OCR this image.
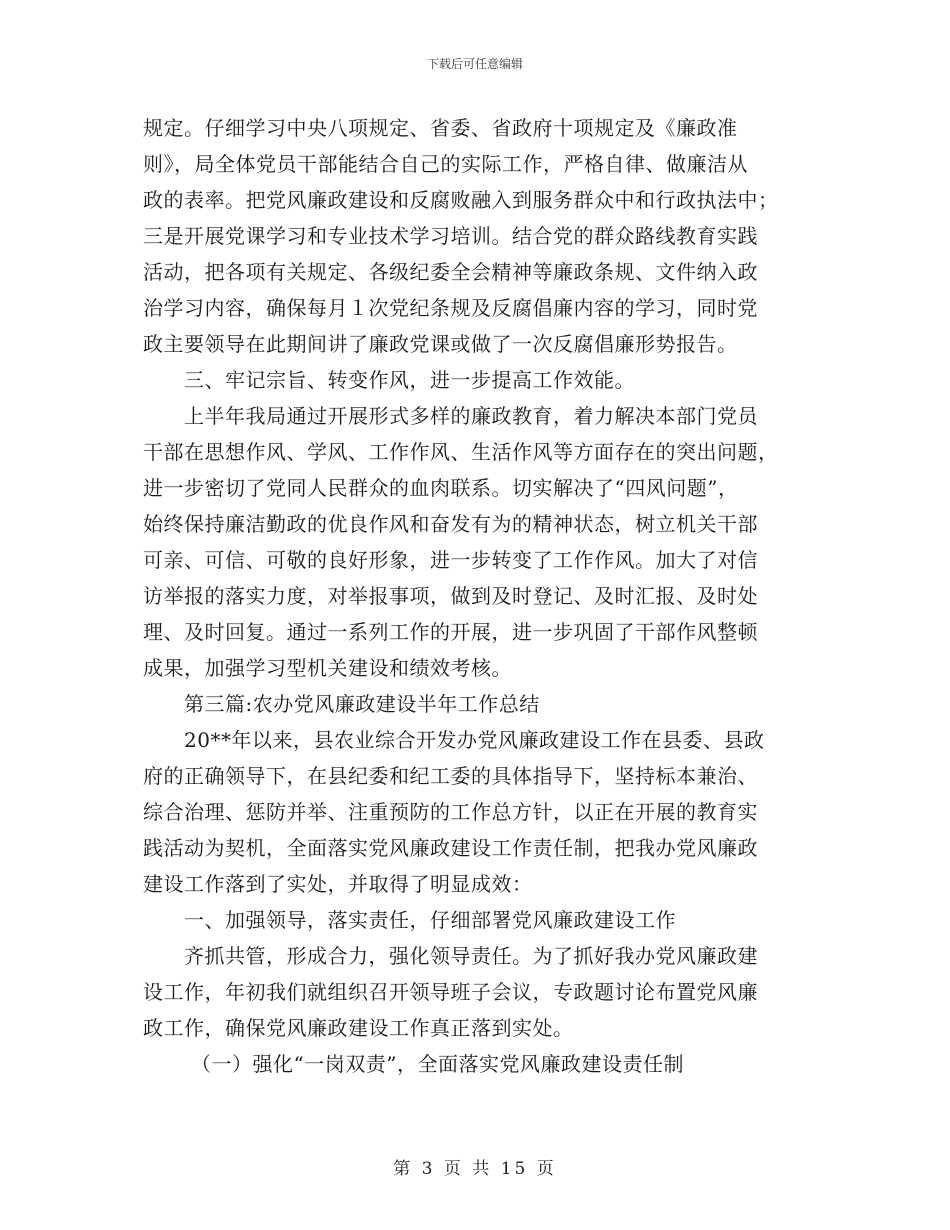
下载后可任意编辑
规定。仔细学习中央八项规定、省委、省政府十项规定及《廉政准
则》，局全体党员干部能结合自己的实际工作，严格自律、做廉洁从
政的表率。把党风廉政建设和反腐败融入到服务群众中和行政执法中；
三是开展党课学习和专业技术学习培训。结合党的群众路线教育实践
活动，把各项有关规定、各级纪委全会精神等廉政条规、文件纳入政
治学习内容，确保每月１次党纪条规及反腐倡廉内容的学习，同时党
政主要领导在此期间讲了廉政党课或做了一次反腐倡廉形势报告。
三、牢记宗旨、转变作风，进一步提高工作效能。
上半年我局通过开展形式多样的廉政教育，着力解决本部门党员
干部在思想作风、学风、工作作风、生活作风等方面存在的突出问题，
进一步密切了党同人民群众的血肉联系。切实解决了“四风问题”，
始终保持廉洁勤政的优良作风和奋发有为的精神状态，树立机关干部
可亲、可信、可敬的良好形象，进一步转变了工作作风。加大了对信
访举报的落实力度，对举报事项，做到及时登记、及时汇报、及时处
理、及时回复。通过一系列工作的开展，进一步巩固了干部作风整顿
成果，加强学习型机关建设和绩效考核。
第三篇:农办党风廉政建设半年工作总结
20**年以来，县农业综合开发办党风廉政建设工作在县委、县政
府的正确领导下，在县纪委和纪工委的具体指导下，坚持标本兼治、
综合治理、惩防并举、注重预防的工作总方针，以正在开展的教育实
践活动为契机，全面落实党风廉政建设工作责任制，把我办党风廉政
建设工作落到了实处，并取得了明显成效：
一、加强领导，落实责任，仔细部署党风廉政建设工作
齐抓共管，形成合力，强化领导责任。为了抓好我办党风廉政建
设工作，年初我们就组织召开领导班子会议，专政题讨论布置党风廉
政工作，确保党风廉政建设工作真正落到实处。
（一）强化“一岗双责”，全面落实党风廉政建设责任制
第 3 页 共 15 页
